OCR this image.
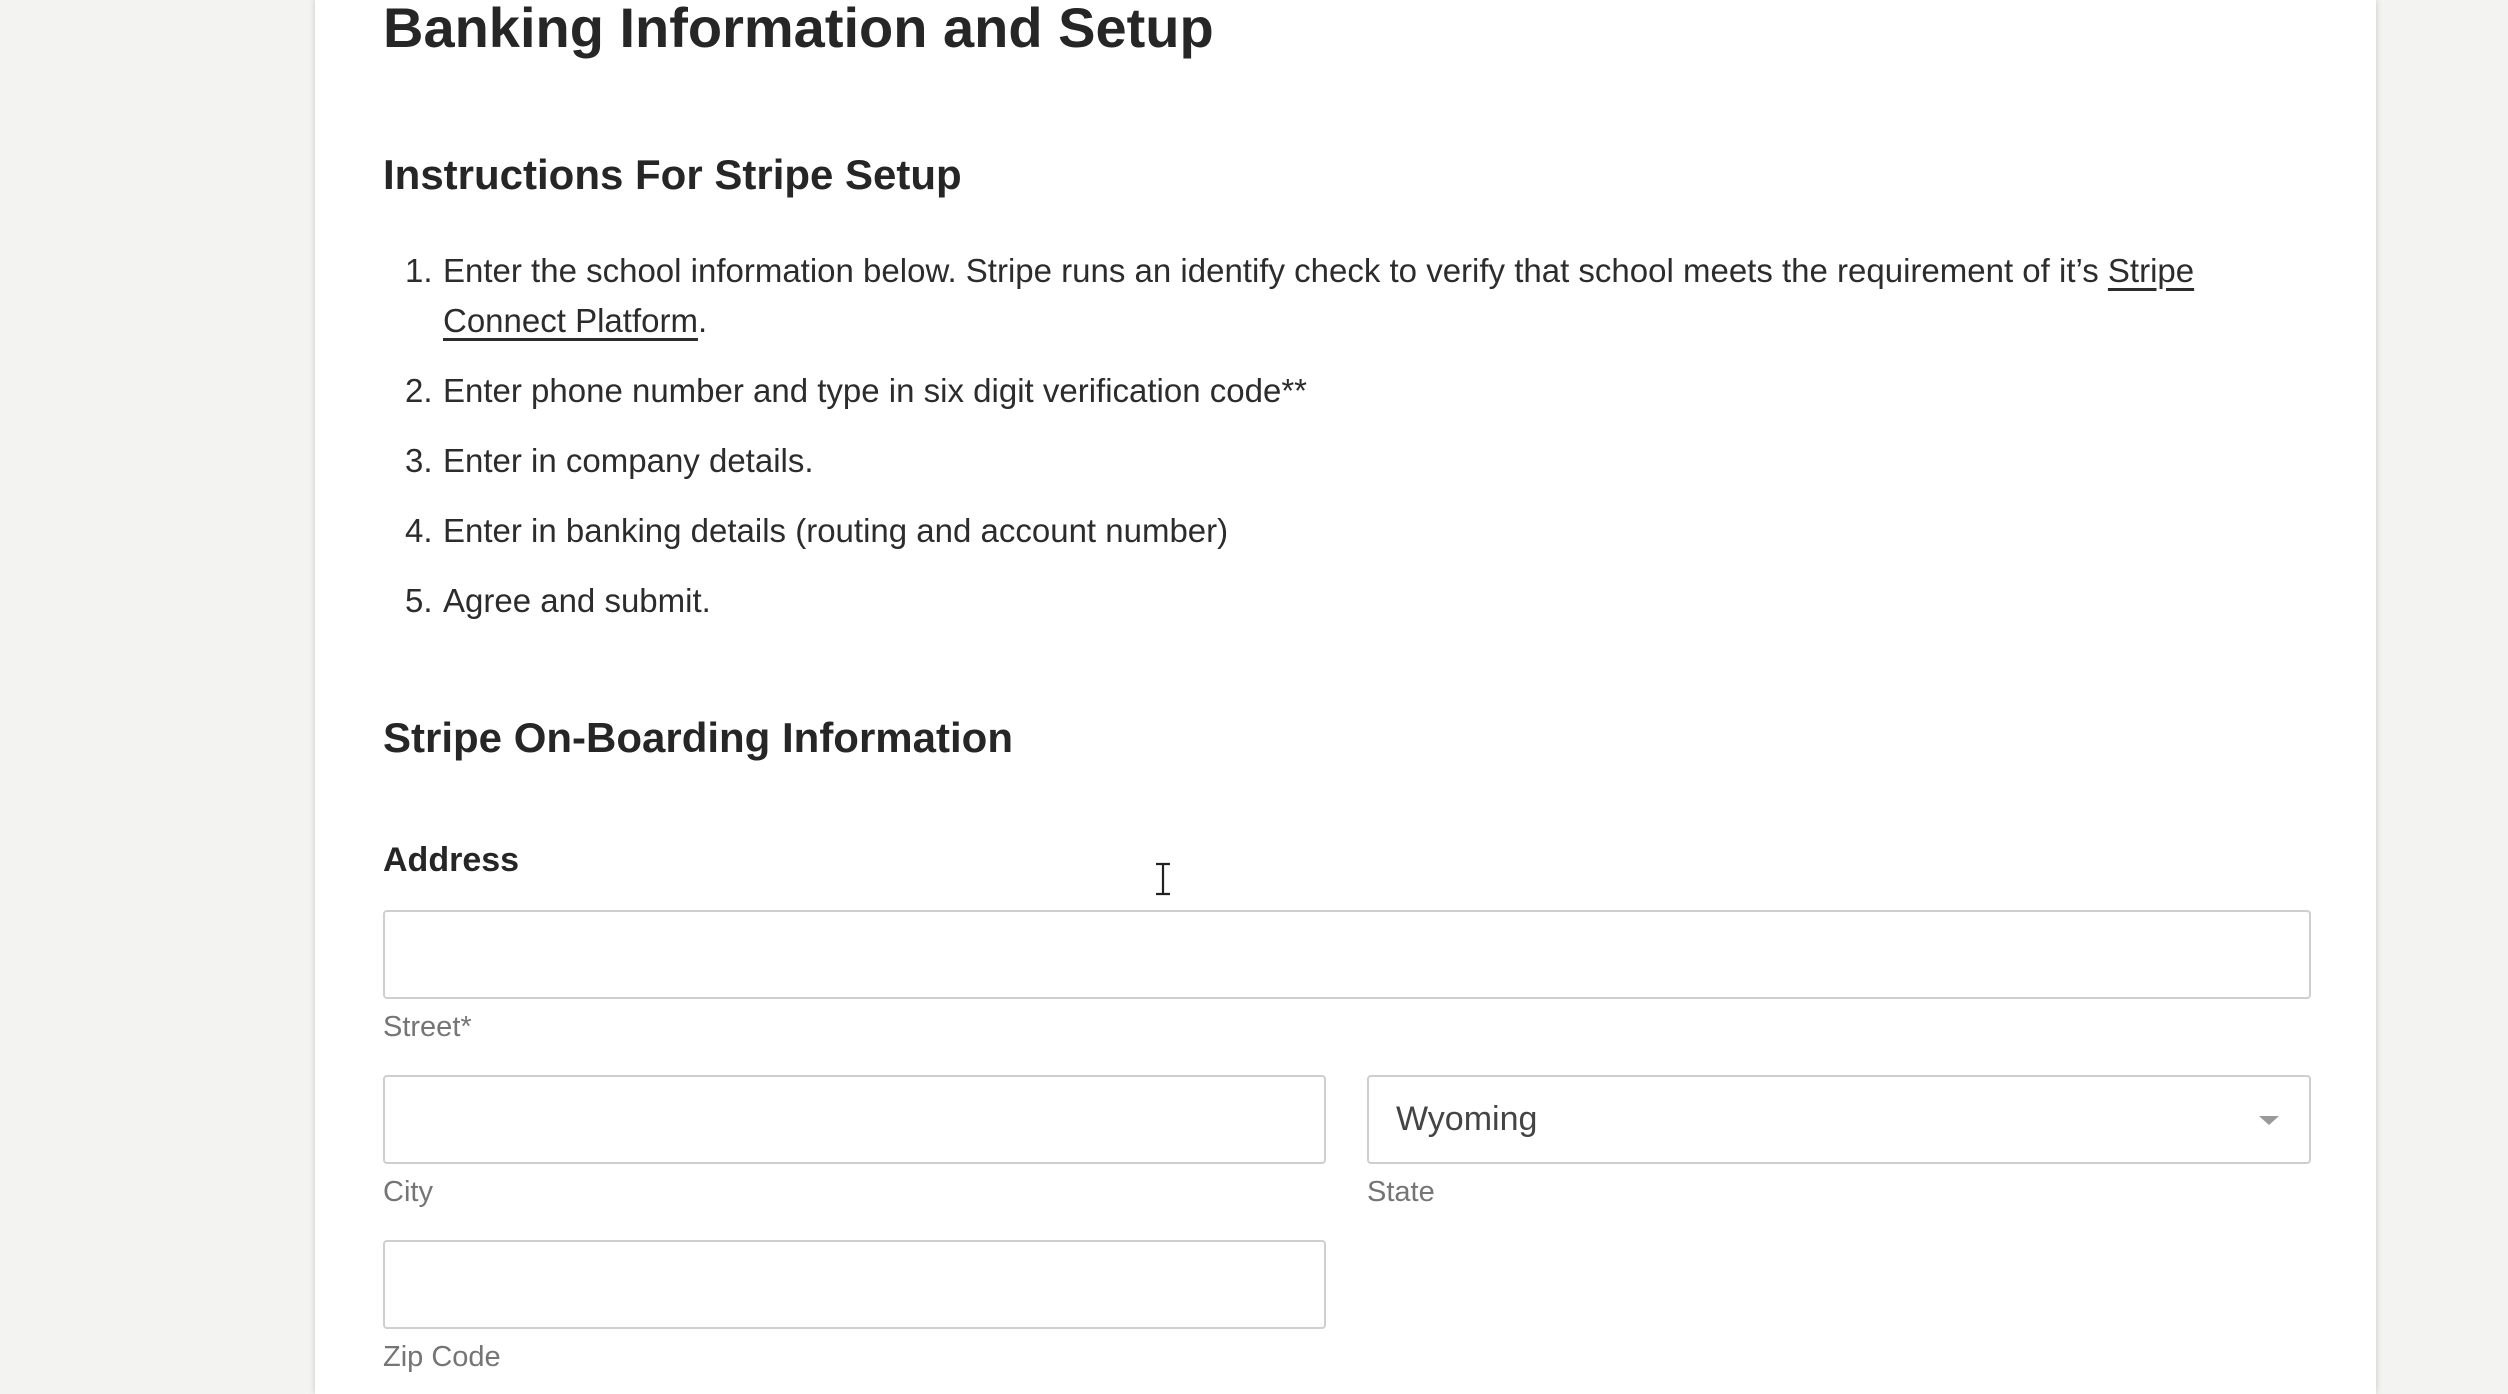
Banking Information and Setup
Instructions For Stripe Setup
1. Enter the school information below. Stripe runs an identify check to verify that school meets the requirement of it’s Stripe Connect Platform.
2. Enter phone number and type in six digit verification code**
3. Enter in company details.
4. Enter in banking details (routing and account number)
5. Agree and submit.
Stripe On-Boarding Information
Address
Street*
City
Wyoming
State
Zip Code
